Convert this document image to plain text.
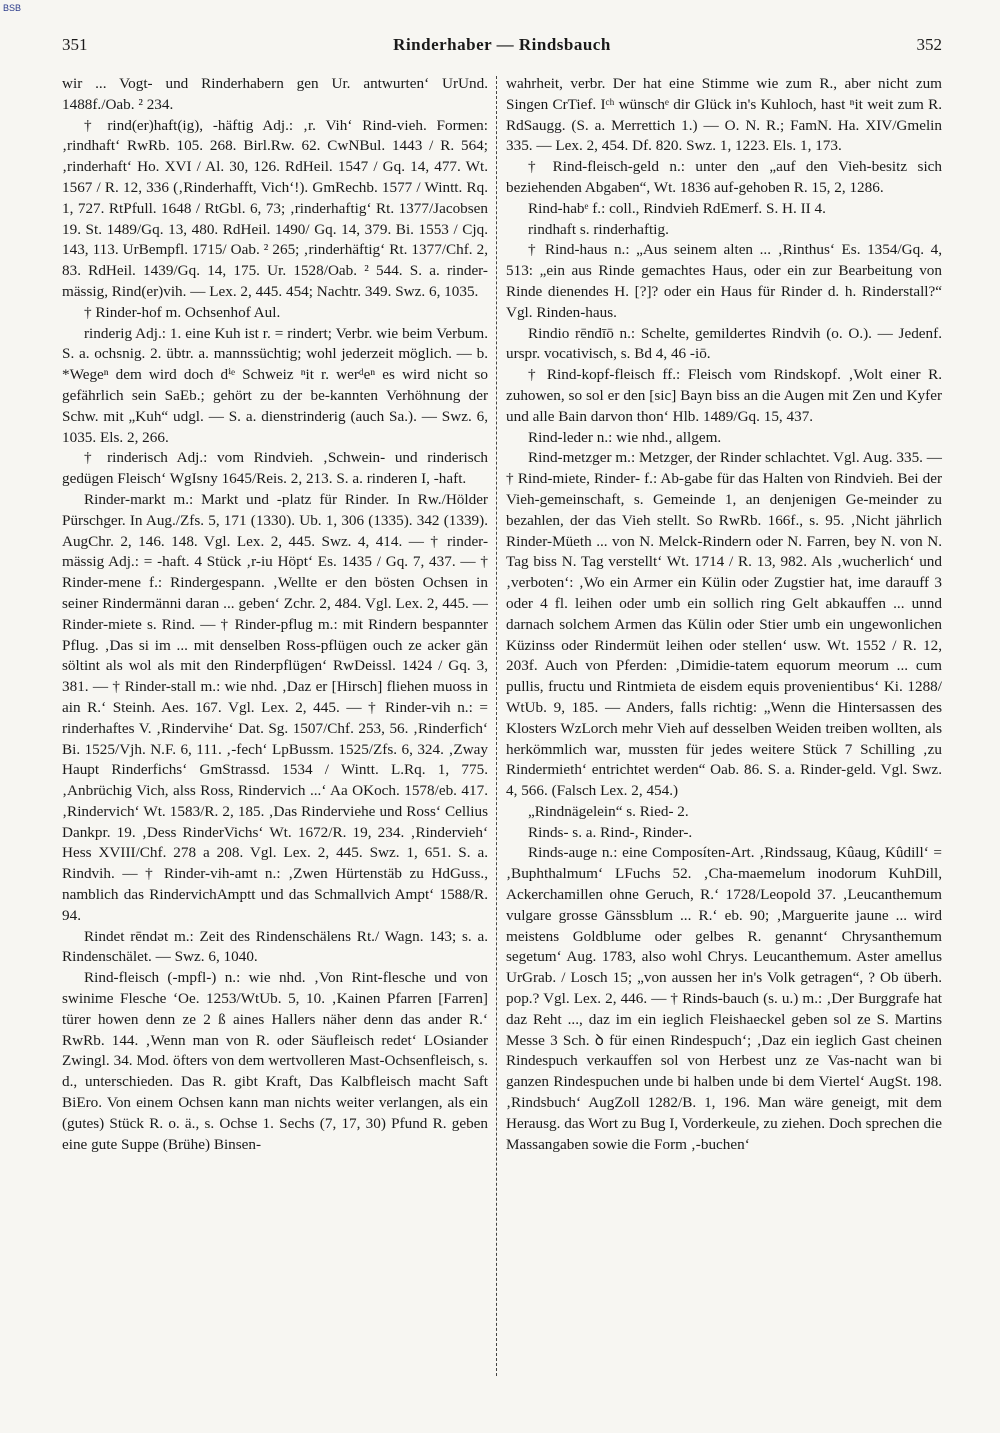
BSB
351	Rinderhaber — Rindsbauch	352

wir ... Vogt- und Rinderhabern gen Ur. antwurten‘ UrUnd. 1488f./Oab. ² 234.

† rind(er)haft(ig), -häftig Adj.: ‚r. Vih‘ Rind-vieh. Formen: ‚rindhaft‘ RwRb. 105. 268. Birl.Rw. 62. CwNBul. 1443 / R. 564; ‚rinderhaft‘ Ho. XVI / Al. 30, 126. RdHeil. 1547 / Gq. 14, 477. Wt. 1567 / R. 12, 336 (‚Rinderhafft, Vich‘!). GmRechb. 1577 / Wintt. Rq. 1, 727. RtPfull. 1648 / RtGbl. 6, 73; ‚rinderhaftig‘ Rt. 1377/Jacobsen 19. St. 1489/Gq. 13, 480. RdHeil. 1490/ Gq. 14, 379. Bi. 1553 / Cjq. 143, 113. UrBempfl. 1715/ Oab. ² 265; ‚rinderhäftig‘ Rt. 1377/Chf. 2, 83. RdHeil. 1439/Gq. 14, 175. Ur. 1528/Oab. ² 544. S. a. rinder-mässig, Rind(er)vih. — Lex. 2, 445. 454; Nachtr. 349. Swz. 6, 1035.

† Rinder-hof m. Ochsenhof Aul.

rinderig Adj.: 1. eine Kuh ist r. = rindert; Verbr. wie beim Verbum. S. a. ochsnig. 2. übtr. a. mannssüchtig; wohl jederzeit möglich. — b. *Wegeⁿ dem wird doch dⁱᵉ Schweiz ⁿit r. werᵈeⁿ es wird nicht so gefährlich sein SaEb.; gehört zu der be-kannten Verhöhnung der Schw. mit „Kuh“ udgl. — S. a. dienstrinderig (auch Sa.). — Swz. 6, 1035. Els. 2, 266.

† rinderisch Adj.: vom Rindvieh. ‚Schwein- und rinderisch gedügen Fleisch‘ WgIsny 1645/Reis. 2, 213. S. a. rinderen I, -haft.

Rinder-markt m.: Markt und -platz für Rinder. In Rw./Hölder Pürschger. In Aug./Zfs. 5, 171 (1330). Ub. 1, 306 (1335). 342 (1339). AugChr. 2, 146. 148. Vgl. Lex. 2, 445. Swz. 4, 414. — † rinder-mässig Adj.: = -haft. 4 Stück ‚r-iu Höpt‘ Es. 1435 / Gq. 7, 437. — † Rinder-mene f.: Rindergespann. ‚Wellte er den bösten Ochsen in seiner Rindermänni daran ... geben‘ Zchr. 2, 484. Vgl. Lex. 2, 445. — Rinder-miete s. Rind. — † Rinder-pflug m.: mit Rindern bespannter Pflug. ‚Das si im ... mit denselben Ross-pflügen ouch ze acker gän söltint als wol als mit den Rinderpflügen‘ RwDeissl. 1424 / Gq. 3, 381. — † Rinder-stall m.: wie nhd. ‚Daz er [Hirsch] fliehen muoss in ain R.‘ Steinh. Aes. 167. Vgl. Lex. 2, 445. — † Rinder-vih n.: = rinderhaftes V. ‚Rindervihe‘ Dat. Sg. 1507/Chf. 253, 56. ‚Rinderfich‘ Bi. 1525/Vjh. N.F. 6, 111. ‚-fech‘ LpBussm. 1525/Zfs. 6, 324. ‚Zway Haupt Rinderfichs‘ GmStrassd. 1534 / Wintt. L.Rq. 1, 775. ‚Anbrüchig Vich, alss Ross, Rindervich ...‘ Aa OKoch. 1578/eb. 417. ‚Rindervich‘ Wt. 1583/R. 2, 185. ‚Das Rinderviehe und Ross‘ Cellius Dankpr. 19. ‚Dess RinderVichs‘ Wt. 1672/R. 19, 234. ‚Rindervieh‘ Hess XVIII/Chf. 278 a 208. Vgl. Lex. 2, 445. Swz. 1, 651. S. a. Rindvih. — † Rinder-vih-amt n.: ‚Zwen Hürtenstäb zu HdGuss., namblich das RindervichAmptt und das Schmallvich Ampt‘ 1588/R. 94.

Rindet rēndət m.: Zeit des Rindenschälens Rt./ Wagn. 143; s. a. Rindenschälet. — Swz. 6, 1040.

Rind-fleisch (-mpfl-) n.: wie nhd. ‚Von Rint-flesche und von swinime Flesche ‘Oe. 1253/WtUb. 5, 10. ‚Kainen Pfarren [Farren] türer howen denn ze 2 ß aines Hallers näher denn das ander R.‘ RwRb. 144. ‚Wenn man von R. oder Säufleisch redet‘ LOsiander Zwingl. 34. Mod. öfters von dem wertvolleren Mast-Ochsenfleisch, s. d., unterschieden. Das R. gibt Kraft, Das Kalbfleisch macht Saft BiEro. Von einem Ochsen kann man nichts weiter verlangen, als ein (gutes) Stück R. o. ä., s. Ochse 1. Sechs (7, 17, 30) Pfund R. geben eine gute Suppe (Brühe) Binsen-

wahrheit, verbr. Der hat eine Stimme wie zum R., aber nicht zum Singen CrTief. Iᶜʰ wünschᵉ dir Glück in's Kuhloch, hast ⁿit weit zum R. RdSaugg. (S. a. Merrettich 1.) — O. N. R.; FamN. Ha. XIV/Gmelin 335. — Lex. 2, 454. Df. 820. Swz. 1, 1223. Els. 1, 173.

† Rind-fleisch-geld n.: unter den „auf den Vieh-besitz sich beziehenden Abgaben“, Wt. 1836 auf-gehoben R. 15, 2, 1286.

Rind-habᵉ f.: coll., Rindvieh RdEmerf. S. H. II 4.

rindhaft s. rinderhaftig.

† Rind-haus n.: „Aus seinem alten ... ‚Rinthus‘ Es. 1354/Gq. 4, 513: „ein aus Rinde gemachtes Haus, oder ein zur Bearbeitung von Rinde dienendes H. [?]? oder ein Haus für Rinder d. h. Rinderstall?“ Vgl. Rinden-haus.

Rindio rēndīō n.: Schelte, gemildertes Rindvih (o. O.). — Jedenf. urspr. vocativisch, s. Bd 4, 46 -iō.

† Rind-kopf-fleisch ff.: Fleisch vom Rindskopf. ‚Wolt einer R. zuhowen, so sol er den [sic] Bayn biss an die Augen mit Zen und Kyfer und alle Bain darvon thon‘ Hlb. 1489/Gq. 15, 437.

Rind-leder n.: wie nhd., allgem.

Rind-metzger m.: Metzger, der Rinder schlachtet. Vgl. Aug. 335. — † Rind-miete, Rinder- f.: Ab-gabe für das Halten von Rindvieh. Bei der Vieh-gemeinschaft, s. Gemeinde 1, an denjenigen Ge-meinder zu bezahlen, der das Vieh stellt. So RwRb. 166f., s. 95. ‚Nicht jährlich Rinder-Müeth ... von N. Melck-Rindern oder N. Farren, bey N. von N. Tag biss N. Tag verstellt‘ Wt. 1714 / R. 13, 982. Als ‚wucherlich‘ und ‚verboten‘: ‚Wo ein Armer ein Külin oder Zugstier hat, ime darauff 3 oder 4 fl. leihen oder umb ein sollich ring Gelt abkauffen ... unnd darnach solchem Armen das Külin oder Stier umb ein ungewonlichen Küzinss oder Rindermüt leihen oder stellen‘ usw. Wt. 1552 / R. 12, 203f. Auch von Pferden: ‚Dimidie-tatem equorum meorum ... cum pullis, fructu und Rintmieta de eisdem equis provenientibus‘ Ki. 1288/ WtUb. 9, 185. — Anders, falls richtig: „Wenn die Hintersassen des Klosters WzLorch mehr Vieh auf desselben Weiden treiben wollten, als herkömmlich war, mussten für jedes weitere Stück 7 Schilling ‚zu Rindermieth‘ entrichtet werden“ Oab. 86. S. a. Rinder-geld. Vgl. Swz. 4, 566. (Falsch Lex. 2, 454.)

„Rindnägelein“ s. Ried- 2.

Rinds- s. a. Rind-, Rinder-.

Rinds-auge n.: eine Composíten-Art. ‚Rindssaug, Kûaug, Kûdill‘ = ‚Buphthalmum‘ LFuchs 52. ‚Cha-maemelum inodorum KuhDill, Ackerchamillen ohne Geruch, R.‘ 1728/Leopold 37. ‚Leucanthemum vulgare grosse Gänssblum ... R.‘ eb. 90; ‚Marguerite jaune ... wird meistens Goldblume oder gelbes R. genannt‘ Chrysanthemum segetum‘ Aug. 1783, also wohl Chrys. Leucanthemum. Aster amellus UrGrab. / Losch 15; „von aussen her in's Volk getragen“, ? Ob überh. pop.? Vgl. Lex. 2, 446. — † Rinds-bauch (s. u.) m.: ‚Der Burggrafe hat daz Reht ..., daz im ein ieglich Fleishaeckel geben sol ze S. Martins Messe 3 Sch. ꝺ für einen Rindespuch‘; ‚Daz ein ieglich Gast cheinen Rindespuch verkauffen sol von Herbest unz ze Vas-nacht wan bi ganzen Rindespuchen unde bi halben unde bi dem Viertel‘ AugSt. 198. ‚Rindsbuch‘ AugZoll 1282/B. 1, 196. Man wäre geneigt, mit dem Herausg. das Wort zu Bug I, Vorderkeule, zu ziehen. Doch sprechen die Massangaben sowie die Form ‚-buchen‘
